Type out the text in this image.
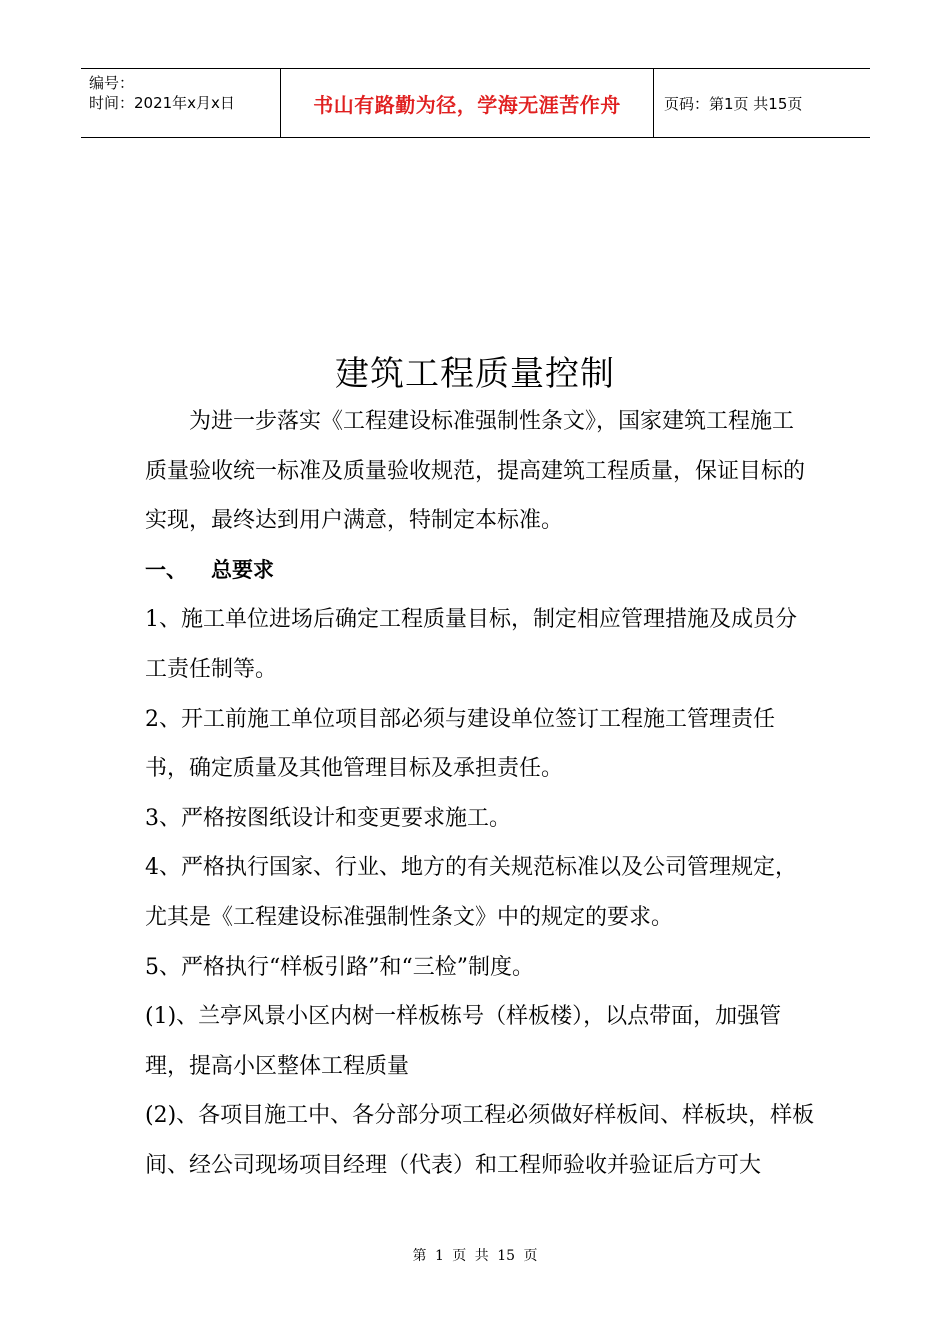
编号：
时间：2021年x月x日	书山有路勤为径，学海无涯苦作舟	页码：第1页 共15页
建筑工程质量控制

为进一步落实《工程建设标准强制性条文》，国家建筑工程施工　质量验收统一标准及质量验收规范，提高建筑工程质量，保证目标的实现，最终达到用户满意，特制定本标准。

一、 总要求

1、施工单位进场后确定工程质量目标，制定相应管理措施及成员分工责任制等。

2、开工前施工单位项目部必须与建设单位签订工程施工管理责任书，确定质量及其他管理目标及承担责任。

3、严格按图纸设计和变更要求施工。

4、严格执行国家、行业、地方的有关规范标准以及公司管理规定，尤其是《工程建设标准强制性条文》中的规定的要求。

5、严格执行“样板引路”和“三检”制度。

(1)、兰亭风景小区内树一样板栋号（样板楼），以点带面，加强管理，提高小区整体工程质量

(2)、各项目施工中、各分部分项工程必须做好样板间、样板块，样板间、经公司现场项目经理（代表）和工程师验收并验证后方可大

第 1 页 共 15 页
